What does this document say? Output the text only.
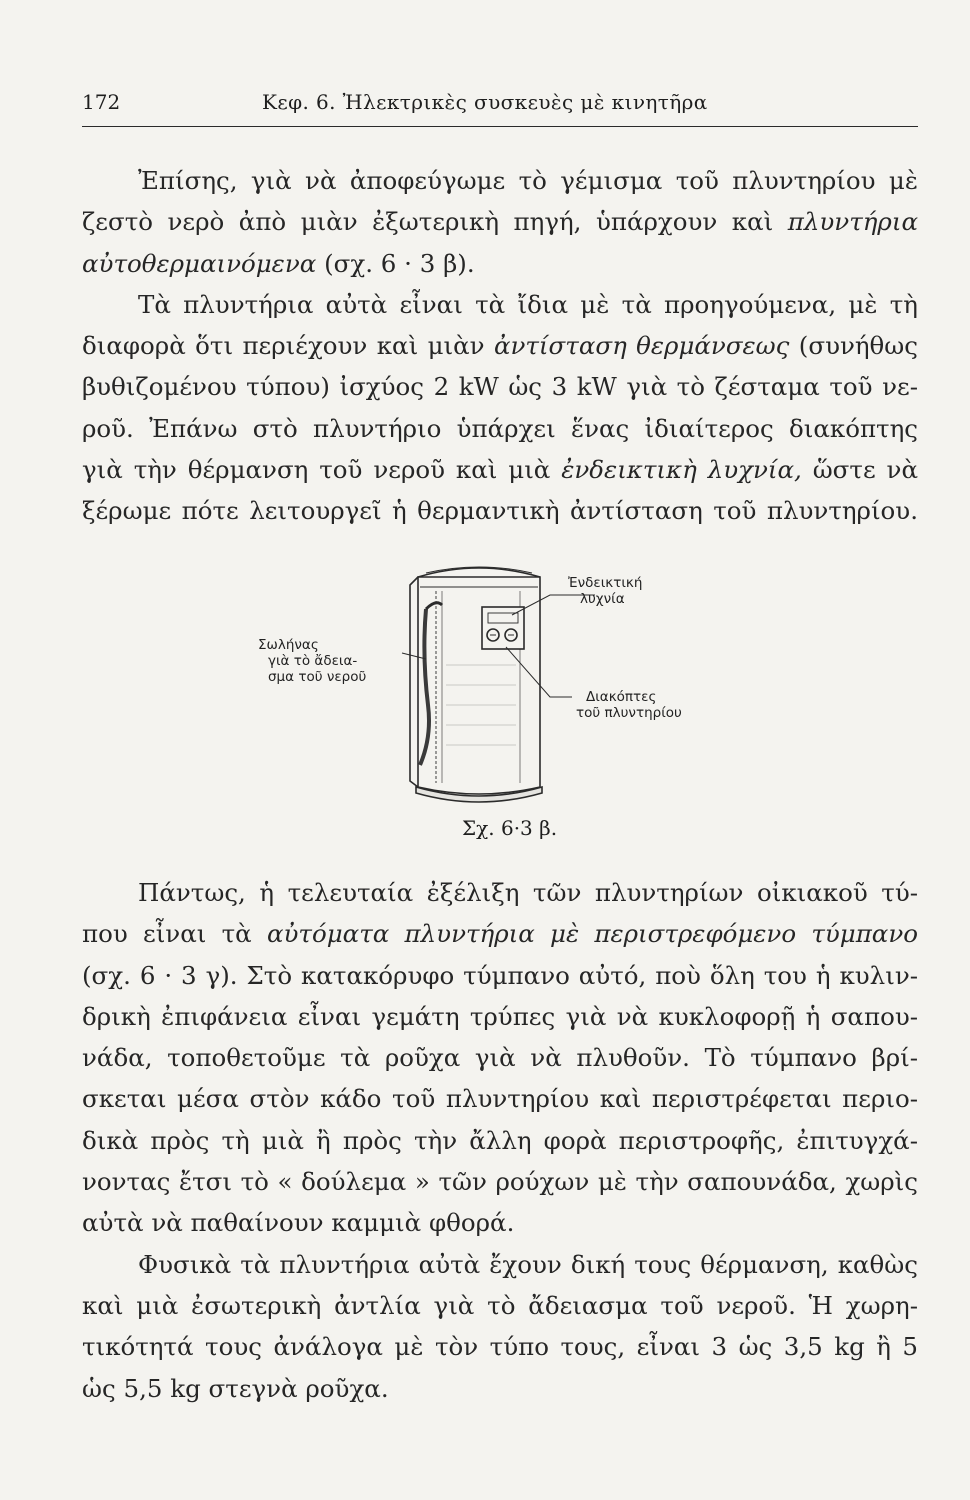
172	Κεφ. 6. Ἠλεκτρικὲς συσκευὲς μὲ κινητῆρα
Ἐπίσης, γιὰ νὰ ἀποφεύγωμε τὸ γέμισμα τοῦ πλυντηρίου μὲ
ζεστὸ νερὸ ἀπὸ μιὰν ἐξωτερικὴ πηγή, ὑπάρχουν καὶ πλυντήρια
αὐτοθερμαινόμενα (σχ. 6 · 3 β).
Τὰ πλυντήρια αὐτὰ εἶναι τὰ ἴδια μὲ τὰ προηγούμενα, μὲ τὴ
διαφορὰ ὅτι περιέχουν καὶ μιὰν ἀντίσταση θερμάνσεως (συνήθως
βυθιζομένου τύπου) ἰσχύος 2 kW ὡς 3 kW γιὰ τὸ ζέσταμα τοῦ νε-
ροῦ. Ἐπάνω στὸ πλυντήριο ὑπάρχει ἕνας ἰδιαίτερος διακόπτης
γιὰ τὴν θέρμανση τοῦ νεροῦ καὶ μιὰ ἐνδεικτικὴ λυχνία, ὥστε νὰ
ξέρωμε πότε λειτουργεῖ ἡ θερμαντικὴ ἀντίσταση τοῦ πλυντηρίου.
Ἐνδεικτική
λυχνία
Σωλήνας
γιὰ τὸ ἄδεια-
σμα τοῦ νεροῦ
Διακόπτες
τοῦ πλυντηρίου
Σχ. 6·3 β.
Πάντως, ἡ τελευταία ἐξέλιξη τῶν πλυντηρίων οἰκιακοῦ τύ-
που εἶναι τὰ αὐτόματα πλυντήρια μὲ περιστρεφόμενο τύμπανο
(σχ. 6 · 3 γ). Στὸ κατακόρυφο τύμπανο αὐτό, ποὺ ὅλη του ἡ κυλιν-
δρικὴ ἐπιφάνεια εἶναι γεμάτη τρύπες γιὰ νὰ κυκλοφορῇ ἡ σαπου-
νάδα, τοποθετοῦμε τὰ ροῦχα γιὰ νὰ πλυθοῦν. Τὸ τύμπανο βρί-
σκεται μέσα στὸν κάδο τοῦ πλυντηρίου καὶ περιστρέφεται περιο-
δικὰ πρὸς τὴ μιὰ ἢ πρὸς τὴν ἄλλη φορὰ περιστροφῆς, ἐπιτυγχά-
νοντας ἔτσι τὸ « δούλεμα » τῶν ρούχων μὲ τὴν σαπουνάδα, χωρὶς
αὐτὰ νὰ παθαίνουν καμμιὰ φθορά.
Φυσικὰ τὰ πλυντήρια αὐτὰ ἔχουν δική τους θέρμανση, καθὼς
καὶ μιὰ ἐσωτερικὴ ἀντλία γιὰ τὸ ἄδειασμα τοῦ νεροῦ. Ἡ χωρη-
τικότητά τους ἀνάλογα μὲ τὸν τύπο τους, εἶναι 3 ὡς 3,5 kg ἢ 5
ὡς 5,5 kg στεγνὰ ροῦχα.
